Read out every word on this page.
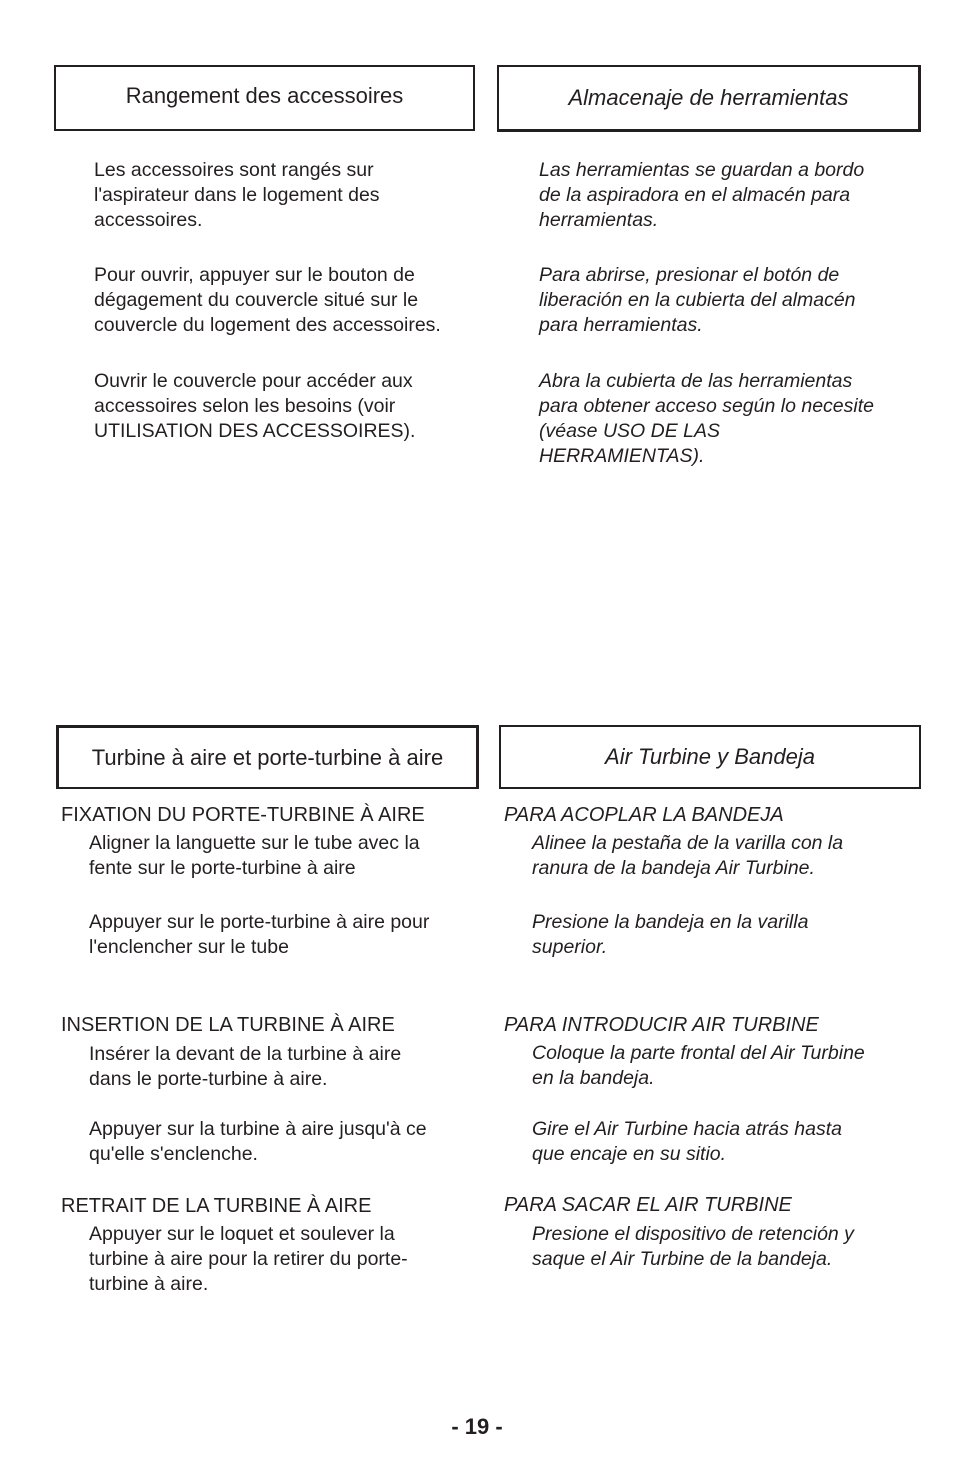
Rangement des accessoires	Almacenaje de herramientas

Les accessoires sont rangés sur
l'aspirateur dans le logement des
accessoires.

Pour ouvrir, appuyer sur le bouton de
dégagement du couvercle situé sur le
couvercle du logement des accessoires.

Ouvrir le couvercle pour accéder aux
accessoires selon les besoins (voir
UTILISATION DES ACCESSOIRES).

Las herramientas se guardan a bordo
de la aspiradora en el almacén para
herramientas.

Para abrirse, presionar el botón de
liberación en la cubierta del almacén
para herramientas.

Abra la cubierta de las herramientas
para obtener acceso según lo necesite
(véase USO DE LAS
HERRAMIENTAS).

Turbine à aire et porte-turbine à aire	Air Turbine y Bandeja

FIXATION DU PORTE-TURBINE À AIRE

Aligner la languette sur le tube avec la
fente sur le porte-turbine à aire

Appuyer sur le porte-turbine à aire pour
l'enclencher sur le tube

INSERTION DE LA TURBINE À AIRE

Insérer la devant de la turbine à aire
dans le porte-turbine à aire.

Appuyer sur la turbine à aire jusqu'à ce
qu'elle s'enclenche.

RETRAIT DE LA TURBINE À AIRE

Appuyer sur le loquet et soulever la
turbine à aire pour la retirer du porte-
turbine à aire.

PARA ACOPLAR LA BANDEJA

Alinee la pestaña de la varilla con la
ranura de la bandeja Air Turbine.

Presione la bandeja en la varilla
superior.

PARA INTRODUCIR AIR TURBINE

Coloque la parte frontal del Air Turbine
en la bandeja.

Gire el Air Turbine hacia atrás hasta
que encaje en su sitio.

PARA SACAR EL AIR TURBINE

Presione el dispositivo de retención y
saque el Air Turbine de la bandeja.

- 19 -
